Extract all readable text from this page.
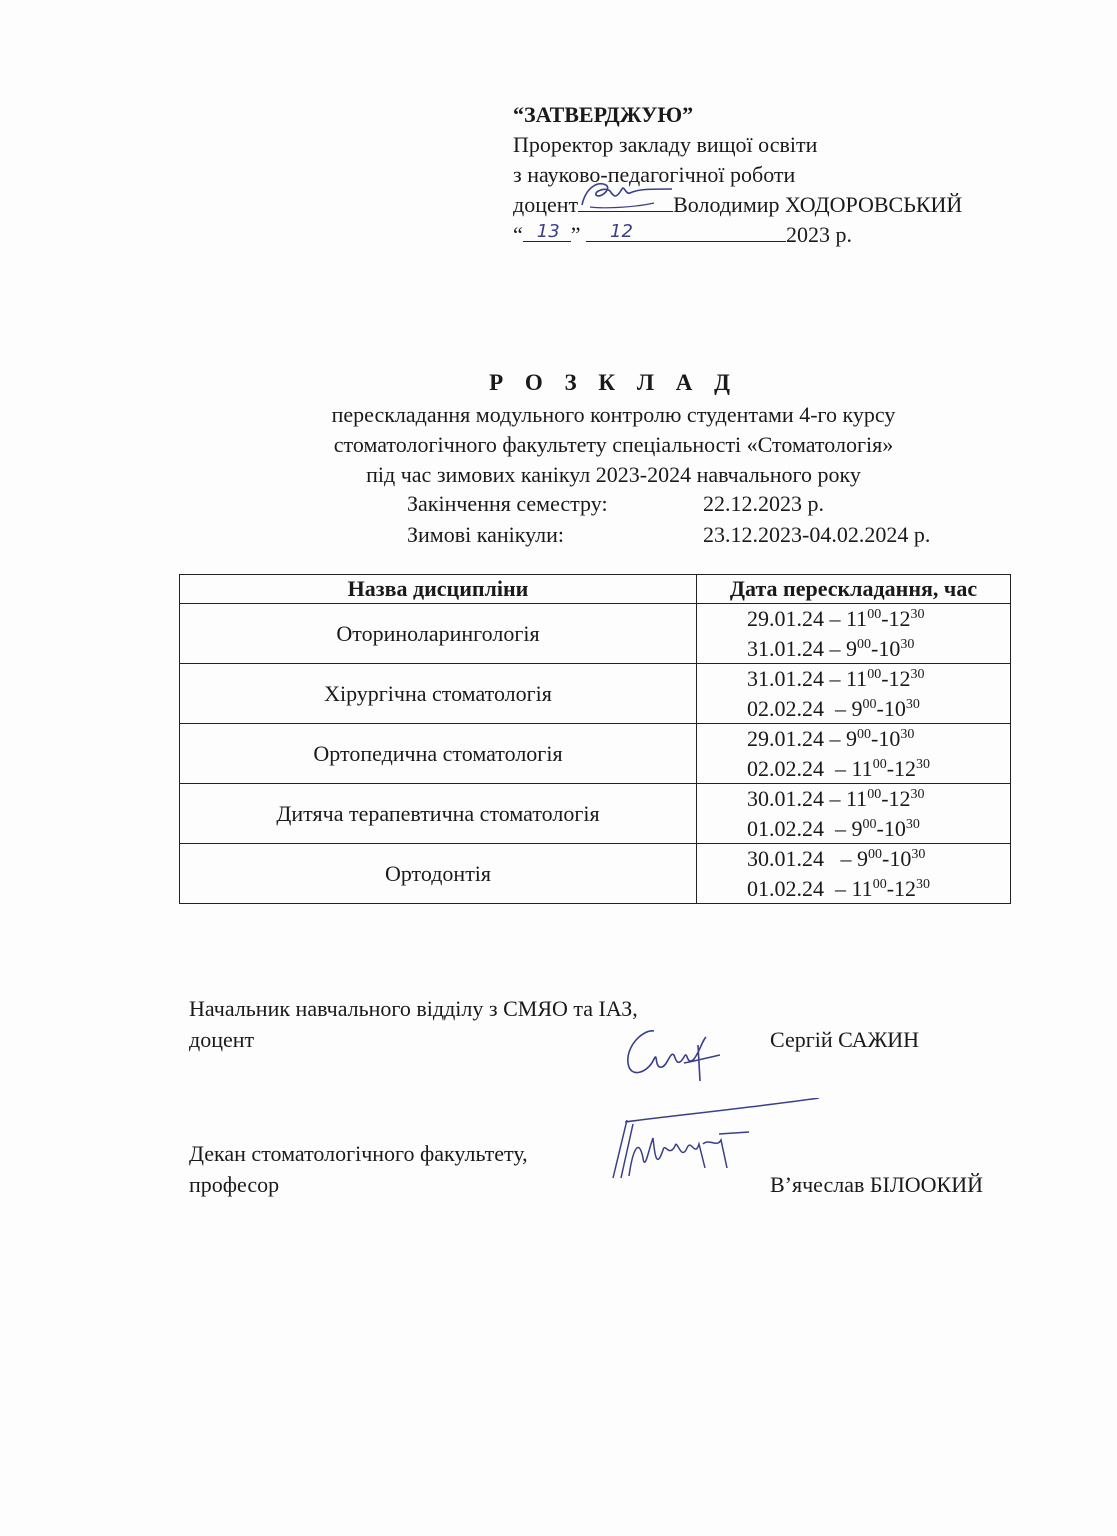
“ЗАТВЕРДЖУЮ”
Проректор закладу вищої освіти
з науково-педагогічної роботи
доцент	Володимир ХОДОРОВСЬКИЙ
“ 13 ” 12	2023 р.
Р О З К Л А Д
перескладання модульного контролю студентами 4-го курсу
стоматологічного факультету спеціальності «Стоматологія»
під час зимових канікул 2023-2024 навчального року
Закінчення семестру:	22.12.2023 р.
Зимові канікули:	23.12.2023-04.02.2024 р.
Назва дисципліни	Дата перескладання, час
Оториноларингологія	$29.01.24 - 11^{00}-12^{30}$
	$31.01.24 - 9^{00}-10^{30}$
Хірургічна стоматологія	$31.01.24 - 11^{00}-12^{30}$
	$02.02.24 - 9^{00}-10^{30}$
Ортопедична стоматологія	$29.01.24 - 9^{00}-10^{30}$
	$02.02.24 - 11^{00}-12^{30}$
Дитяча терапевтична стоматологія	$30.01.24 - 11^{00}-12^{30}$
	$01.02.24 - 9^{00}-10^{30}$
Ортодонтія	$30.01.24 - 9^{00}-10^{30}$
	$01.02.24 - 11^{00}-12^{30}$
Начальник навчального відділу з СМЯО та ІАЗ,
доцент	Сергій САЖИН
Декан стоматологічного факультету,
професор	В’ячеслав БІЛООКИЙ
